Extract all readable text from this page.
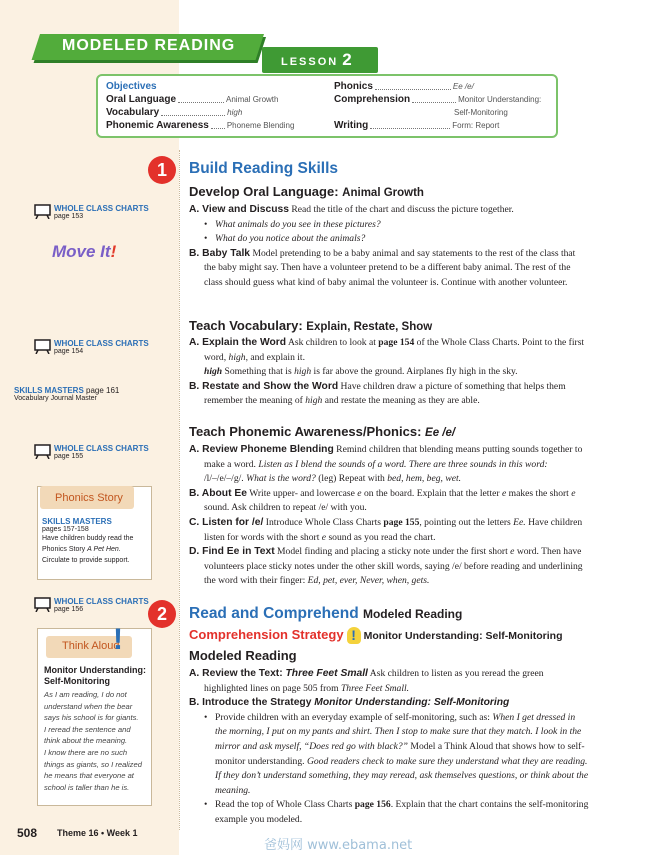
MODELED READING
LESSON 2
Objectives
Oral Language	Animal Growth
Vocabulary	high
Phonemic Awareness Phoneme Blending
Phonics	Ee /e/
Comprehension	Monitor Understanding:
Self-Monitoring
Writing	Form: Report
WHOLE CLASS CHARTS
page 153
Move It!
WHOLE CLASS CHARTS
page 154
SKILLS MASTERS page 161
Vocabulary Journal Master
WHOLE CLASS CHARTS
page 155
Phonics Story
SKILLS MASTERS
pages 157-158
Have children buddy read the
Phonics Story A Pet Hen.
Circulate to provide support.
WHOLE CLASS CHARTS
page 156
Think Aloud
!
Monitor Understanding:
Self-Monitoring
As I am reading, I do not
understand when the bear
says his school is for giants.
I reread the sentence and
think about the meaning.
I know there are no such
things as giants, so I realized
he means that everyone at
school is taller than he is.
1	Build Reading Skills
Develop Oral Language: Animal Growth
A. View and Discuss Read the title of the chart and discuss the picture together.
• What animals do you see in these pictures?
• What do you notice about the animals?
B. Baby Talk Model pretending to be a baby animal and say statements to the rest of the class that the baby might say. Then have a volunteer pretend to be a different baby animal. The rest of the class should guess what kind of baby animal the volunteer is. Continue with another volunteer.
Teach Vocabulary: Explain, Restate, Show
A. Explain the Word Ask children to look at page 154 of the Whole Class Charts. Point to the first word, high, and explain it.
high Something that is high is far above the ground. Airplanes fly high in the sky.
B. Restate and Show the Word Have children draw a picture of something that helps them remember the meaning of high and restate the meaning as they are able.
Teach Phonemic Awareness/Phonics: Ee /e/
A. Review Phoneme Blending Remind children that blending means putting sounds together to make a word. Listen as I blend the sounds of a word. There are three sounds in this word: /l/–/e/–/g/. What is the word? (leg) Repeat with bed, hem, beg, wet.
B. About Ee Write upper- and lowercase e on the board. Explain that the letter e makes the short e sound. Ask children to repeat /e/ with you.
C. Listen for /e/ Introduce Whole Class Charts page 155, pointing out the letters Ee. Have children listen for words with the short e sound as you read the chart.
D. Find Ee in Text Model finding and placing a sticky note under the first short e word. Then have volunteers place sticky notes under the other skill words, saying /e/ before reading and underlining the word with their finger: Ed, pet, ever, Never, when, gets.
2	Read and Comprehend Modeled Reading
Comprehension Strategy ! Monitor Understanding: Self-Monitoring
Modeled Reading
A. Review the Text: Three Feet Small Ask children to listen as you reread the green highlighted lines on page 505 from Three Feet Small.
B. Introduce the Strategy Monitor Understanding: Self-Monitoring
• Provide children with an everyday example of self-monitoring, such as: When I get dressed in the morning, I put on my pants and shirt. Then I stop to make sure that they match. I look in the mirror and ask myself, “Does red go with black?” Model a Think Aloud that shows how to self-monitor understanding. Good readers check to make sure they understand what they are reading. If they don’t understand something, they may reread, ask themselves questions, or think about the meaning.
• Read the top of Whole Class Charts page 156. Explain that the chart contains the self-monitoring example you modeled.
508 Theme 16 • Week 1
爸妈网 www.ebama.net
